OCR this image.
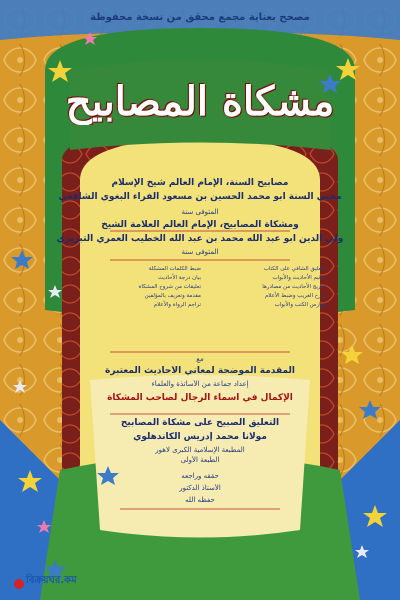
مصحح بعناية مجمع محقق من نسخة محفوظة
مشكاة المصابيح
مصابيح السنة، الإمام العالم شيخ الإسلام
محيي السنة أبو محمد الحسين بن مسعود الفراء البغوي الشافعي
المتوفى سنة
ومشكاة المصابيح، الإمام العالم العلامة الشيخ
ولي الدين أبو عبد الله محمد بن عبد الله الخطيب العمري التبريزي
المتوفى سنة
التعليق الشافي على الكتاب
ترقيم الأحاديث والأبواب
تخريج الأحاديث من مصادرها
شرح الغريب وضبط الأعلام
فهارس الكتب والأبواب
ضبط الكلمات المشكلة
بيان درجة الأحاديث
تعليقات من شروح المشكاة
مقدمة وتعريف بالمؤلفين
تراجم الرواة والأعلام
مع
المقدمة الموضحة لمعاني الأحاديث المعتبرة
إعداد جماعة من الأساتذة والعلماء
الإكمال في أسماء الرجال لصاحب المشكاة
التعليق الصبيح على مشكاة المصابيح
مولانا محمد إدريس الكاندهلوي
المطبعة الإسلامية الكبرى لاهور
الطبعة الأولى
حققه وراجعه
الأستاذ الدكتور
حفظه الله
বিক্রয়ঘর.কম
